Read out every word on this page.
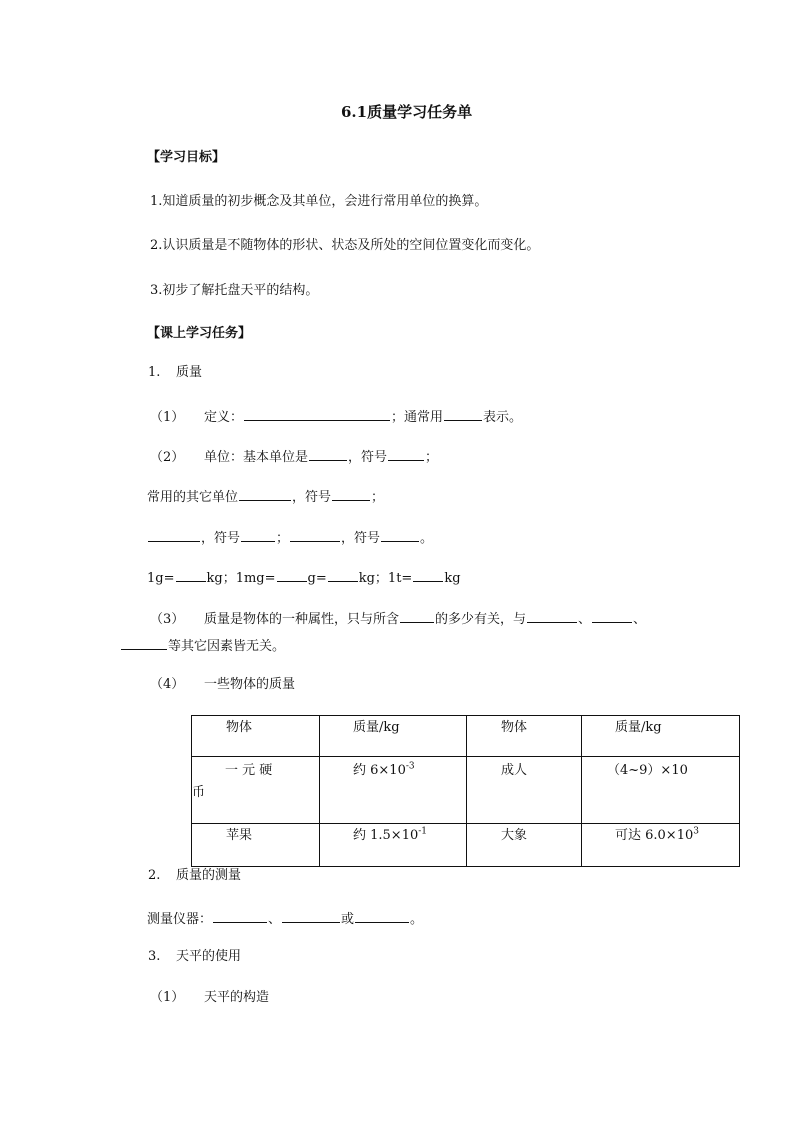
6.1质量学习任务单
【学习目标】
1.知道质量的初步概念及其单位，会进行常用单位的换算。
2.认识质量是不随物体的形状、状态及所处的空间位置变化而变化。
3.初步了解托盘天平的结构。
【课上学习任务】
1. 质量
（1） 定义：	；通常用	表示。
（2） 单位：基本单位是	，符号	；
常用的其它单位	，符号	；
，符号	；	，符号	。
1g= kg；1mg= g= kg；1t= kg
（3） 质量是物体的一种属性，只与所含	的多少有关，与	、	、
等其它因素皆无关。
（4） 一些物体的质量
物体	质量/kg	物体	质量/kg

一 元 硬
币	约 $6\times 10^{-3}$	成人	（4~9）×10
苹果	约 $1.5\times 10^{-1}$	大象	可达 $6.0\times 10^3$
2. 质量的测量
测量仪器：	、	或	。
3. 天平的使用
（1） 天平的构造
